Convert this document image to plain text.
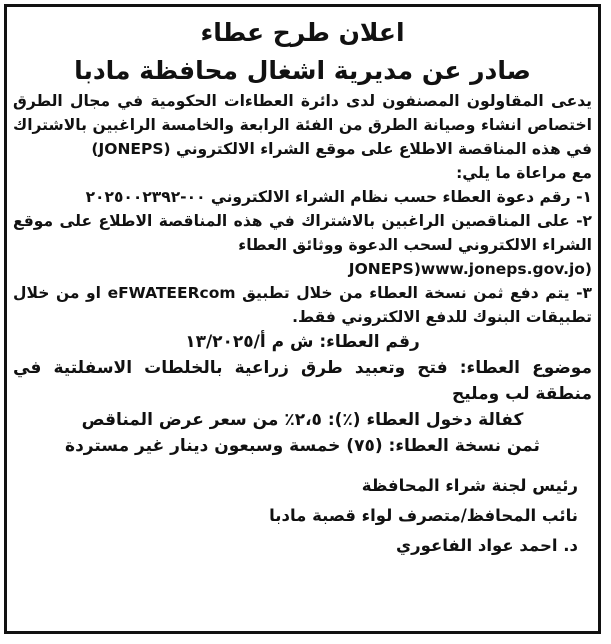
اعلان طرح عطاء
صادر عن مديرية اشغال محافظة مادبا
يدعى المقاولون المصنفون لدى دائرة العطاءات الحكومية في مجال الطرق اختصاص انشاء وصيانة الطرق من الفئة الرابعة والخامسة الراغبين بالاشتراك في هذه المناقصة الاطلاع على موقع الشراء الالكتروني (JONEPS)
مع مراعاة ما يلي:
١- رقم دعوة العطاء حسب نظام الشراء الالكتروني ٠٠-٢٠٢٥٠٠٢٣٩٢
٢- على المناقصين الراغبين بالاشتراك في هذه المناقصة الاطلاع على موقع الشراء الالكتروني لسحب الدعوة ووثائق العطاء
JONEPS)www.joneps.gov.jo)
٣- يتم دفع ثمن نسخة العطاء من خلال تطبيق eFWATEERcom او من خلال تطبيقات البنوك للدفع الالكتروني فقط.
رقم العطاء: ش م أ/١٣/٢٠٢٥
موضوع العطاء: فتح وتعبيد طرق زراعية بالخلطات الاسفلتية في منطقة لب ومليح
كفالة دخول العطاء (٪): ٢،٥٪ من سعر عرض المناقص
ثمن نسخة العطاء: (٧٥) خمسة وسبعون دينار غير مستردة
رئيس لجنة شراء المحافظة
نائب المحافظ/متصرف لواء قصبة مادبا
د. احمد عواد الفاعوري
